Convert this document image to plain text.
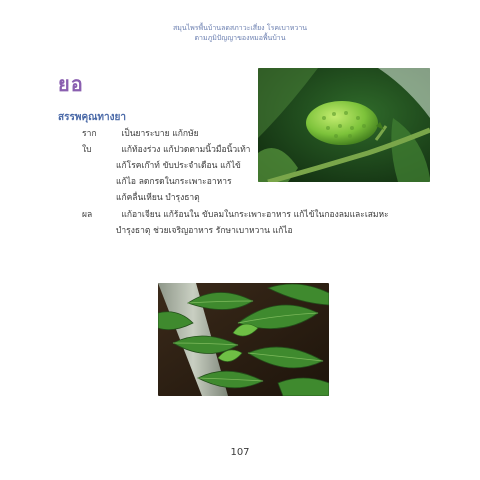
สมุนไพรพื้นบ้านลดสภาวะเสี่ยง โรคเบาหวาน
ตามภูมิปัญญาของหมอพื้นบ้าน
ยอ
สรรพคุณทางยา
ราก	เป็นยาระบาย แก้กษัย
ใบ	แก้ท้องร่วง แก้ปวดตามนิ้วมือนิ้วเท้า
แก้โรคเก๊าท์ ขับประจำเดือน แก้ไข้
แก้ไอ ลดกรดในกระเพาะอาหาร
แก้คลื่นเหียน บำรุงธาตุ
ผล	แก้อาเจียน แก้ร้อนใน ขับลมในกระเพาะอาหาร แก้ไข้ในกองลมและเสมหะ
บำรุงธาตุ ช่วยเจริญอาหาร รักษาเบาหวาน แก้ไอ
107
